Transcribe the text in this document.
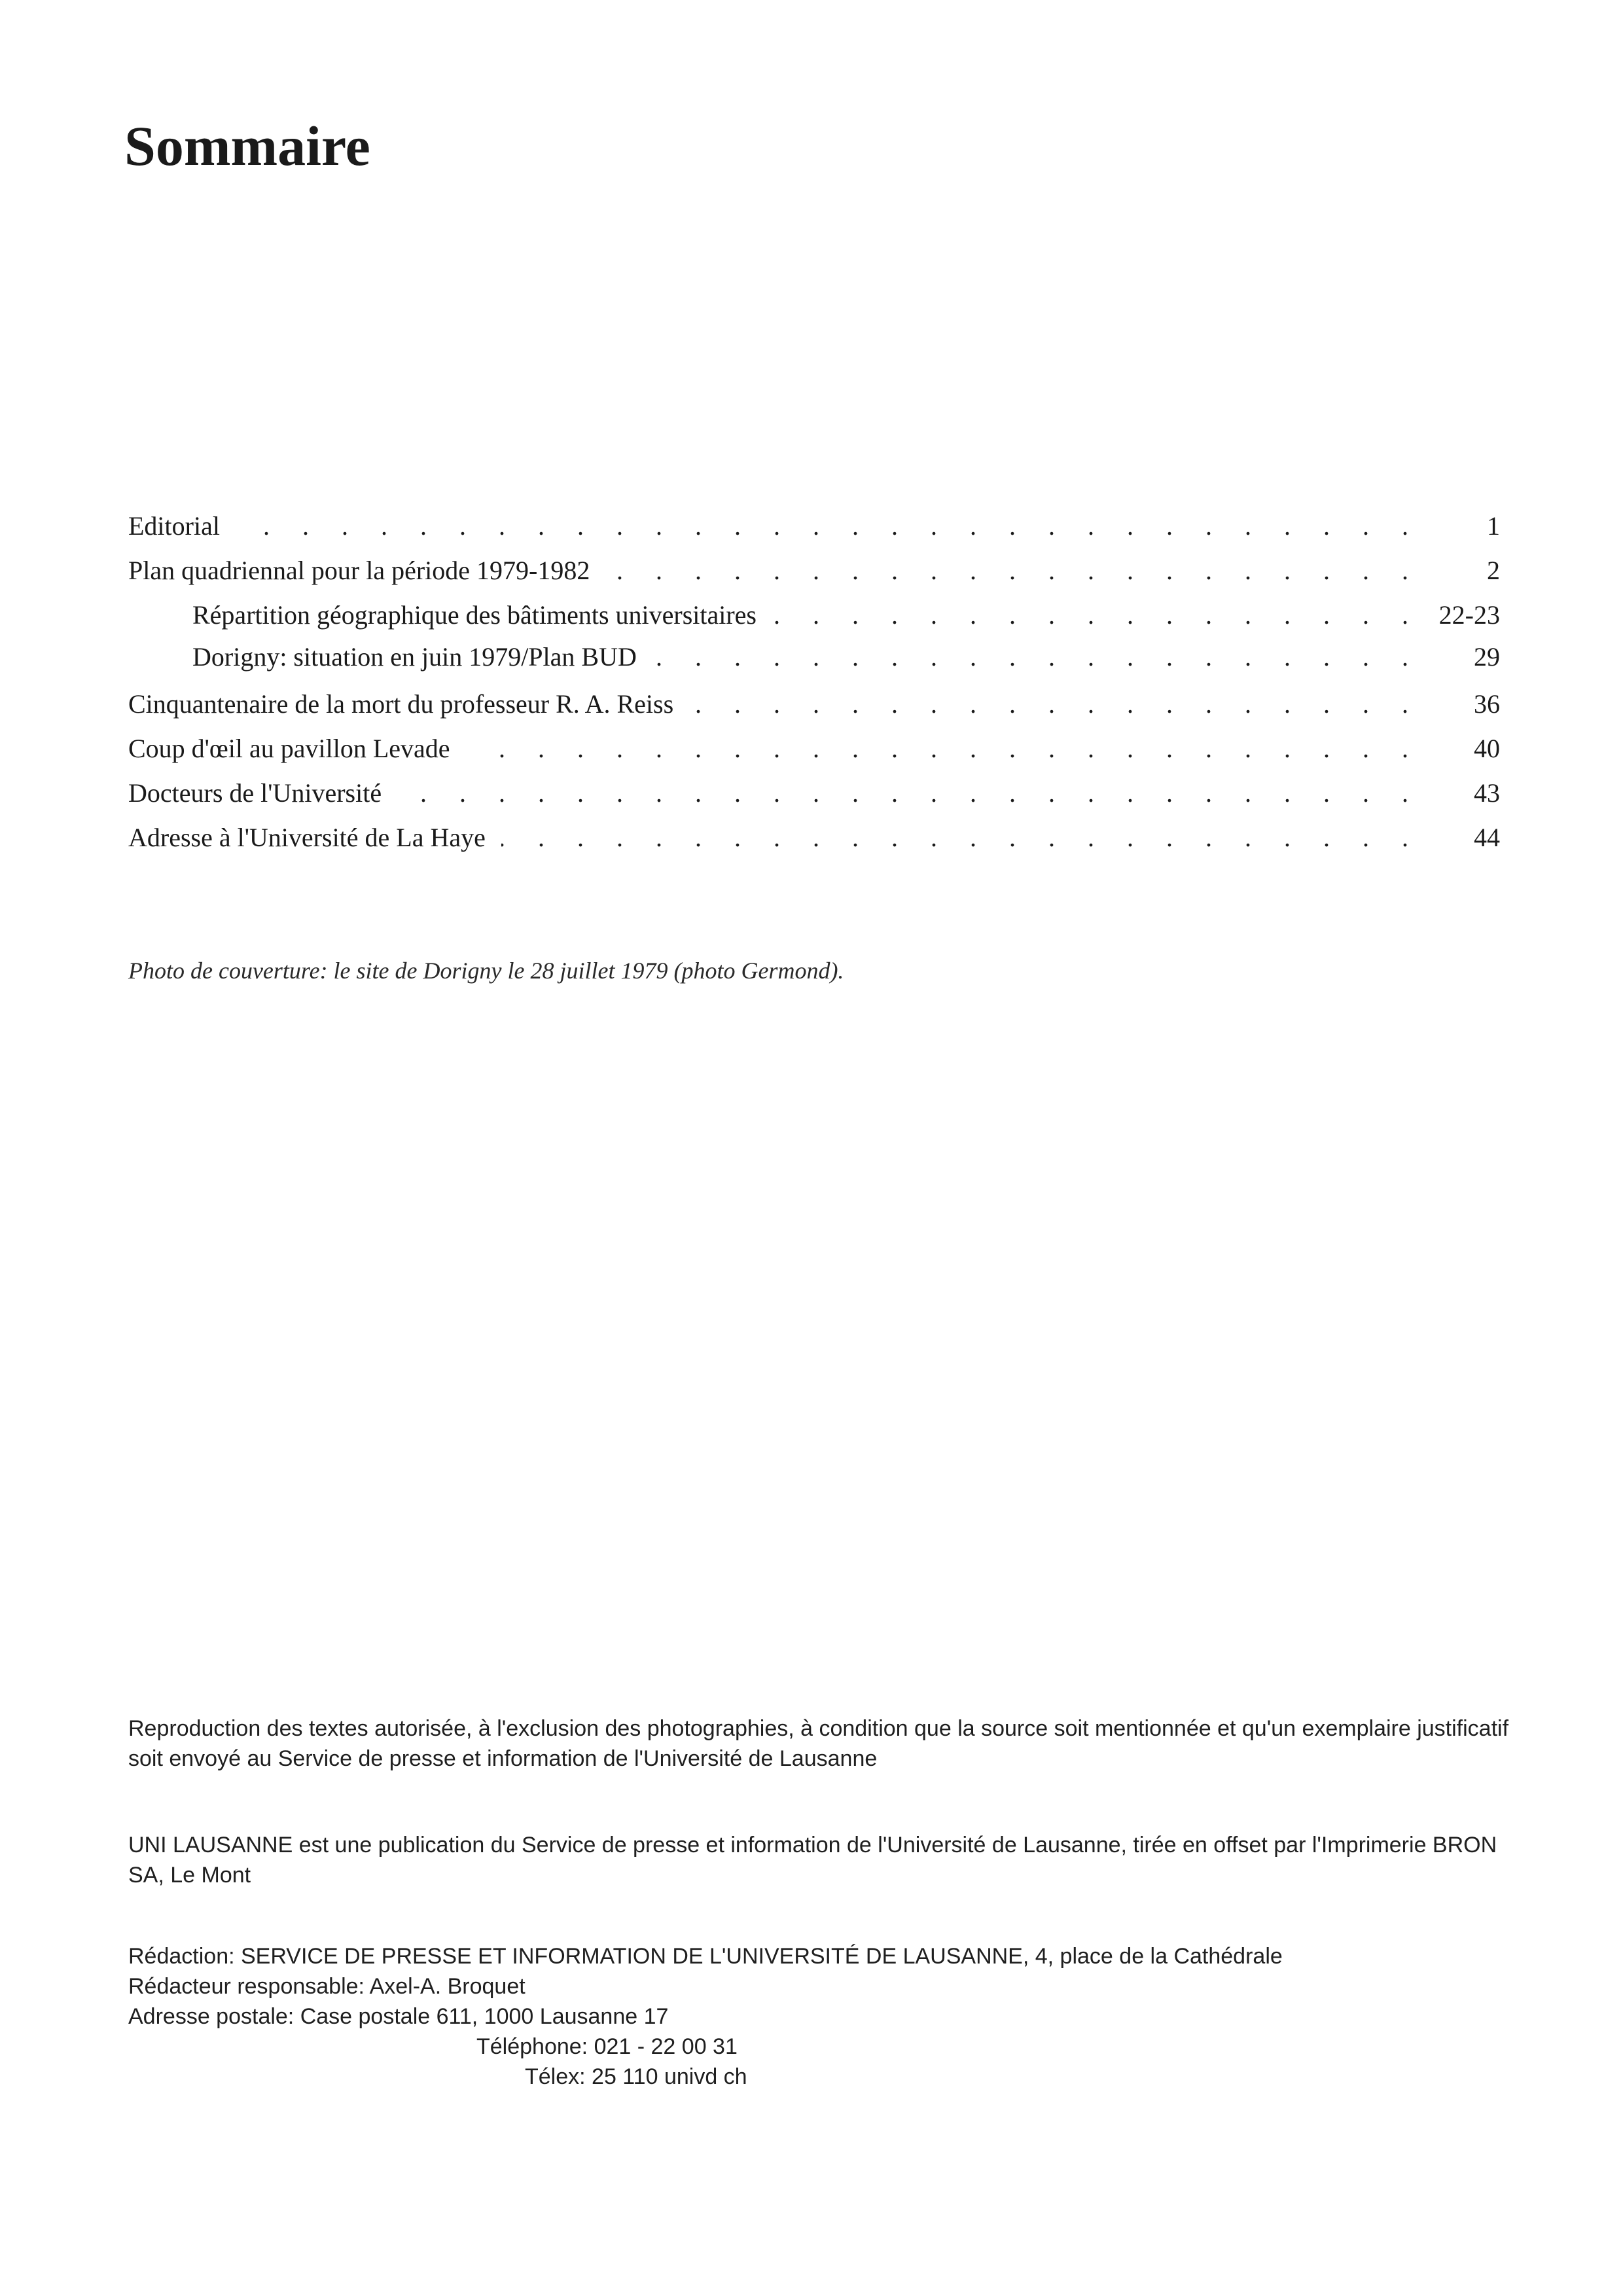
Sommaire
Editorial . . .	1
Plan quadriennal pour la période 1979-1982 . . .	2
Répartition géographique des bâtiments universitaires . . .	22-23
Dorigny: situation en juin 1979/Plan BUD . . .	29
Cinquantenaire de la mort du professeur R. A. Reiss . . .	36
Coup d'œil au pavillon Levade . . .	40
Docteurs de l'Université . . .	43
Adresse à l'Université de La Haye . . .	44
Photo de couverture: le site de Dorigny le 28 juillet 1979 (photo Germond).

Reproduction des textes autorisée, à l'exclusion des photographies, à condition que la source soit mentionnée et qu'un exemplaire justificatif soit envoyé au Service de presse et information de l'Université de Lausanne

UNI LAUSANNE est une publication du Service de presse et information de l'Université de Lausanne, tirée en offset par l'Imprimerie BRON SA, Le Mont

Rédaction: SERVICE DE PRESSE ET INFORMATION DE L'UNIVERSITÉ DE LAUSANNE, 4, place de la Cathédrale
Rédacteur responsable: Axel-A. Broquet
Adresse postale: Case postale 611, 1000 Lausanne 17
Téléphone: 021 - 22 00 31
Télex: 25 110 univd ch
